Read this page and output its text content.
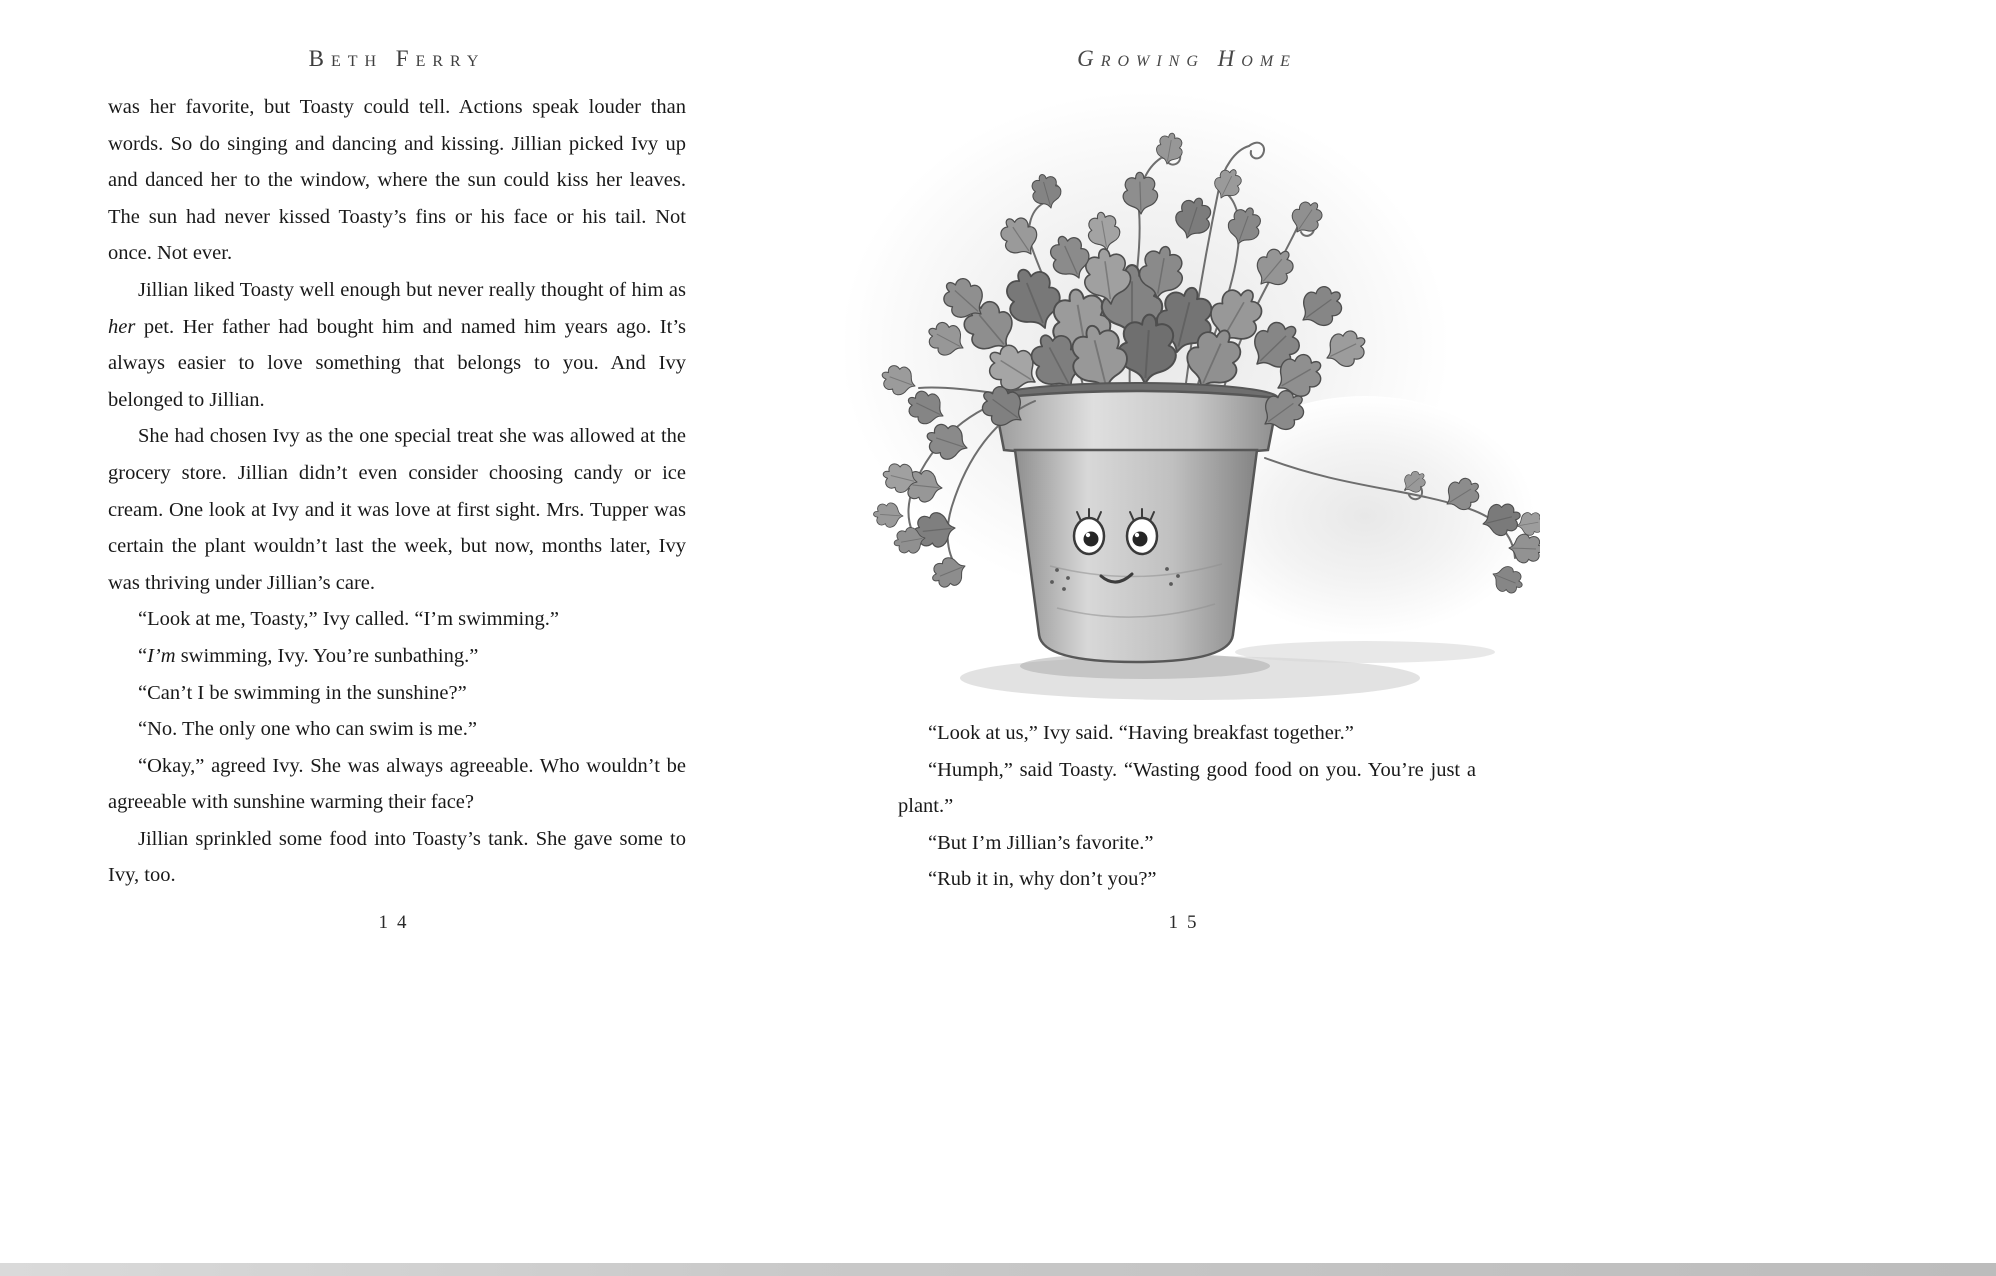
Beth Ferry

was her favorite, but Toasty could tell. Actions speak louder than words. So do singing and dancing and kissing. Jillian picked Ivy up and danced her to the window, where the sun could kiss her leaves. The sun had never kissed Toasty’s fins or his face or his tail. Not once. Not ever.

Jillian liked Toasty well enough but never really thought of him as her pet. Her father had bought him and named him years ago. It’s always easier to love something that belongs to you. And Ivy belonged to Jillian.

She had chosen Ivy as the one special treat she was allowed at the grocery store. Jillian didn’t even consider choosing candy or ice cream. One look at Ivy and it was love at first sight. Mrs. Tupper was certain the plant wouldn’t last the week, but now, months later, Ivy was thriving under Jillian’s care.

“Look at me, Toasty,” Ivy called. “I’m swimming.”

“I’m swimming, Ivy. You’re sunbathing.”

“Can’t I be swimming in the sunshine?”

“No. The only one who can swim is me.”

“Okay,” agreed Ivy. She was always agreeable. Who wouldn’t be agreeable with sunshine warming their face?

Jillian sprinkled some food into Toasty’s tank. She gave some to Ivy, too.

14
Growing Home

“Look at us,” Ivy said. “Having breakfast together.”

“Humph,” said Toasty. “Wasting good food on you. You’re just a plant.”

“But I’m Jillian’s favorite.”

“Rub it in, why don’t you?”

15
